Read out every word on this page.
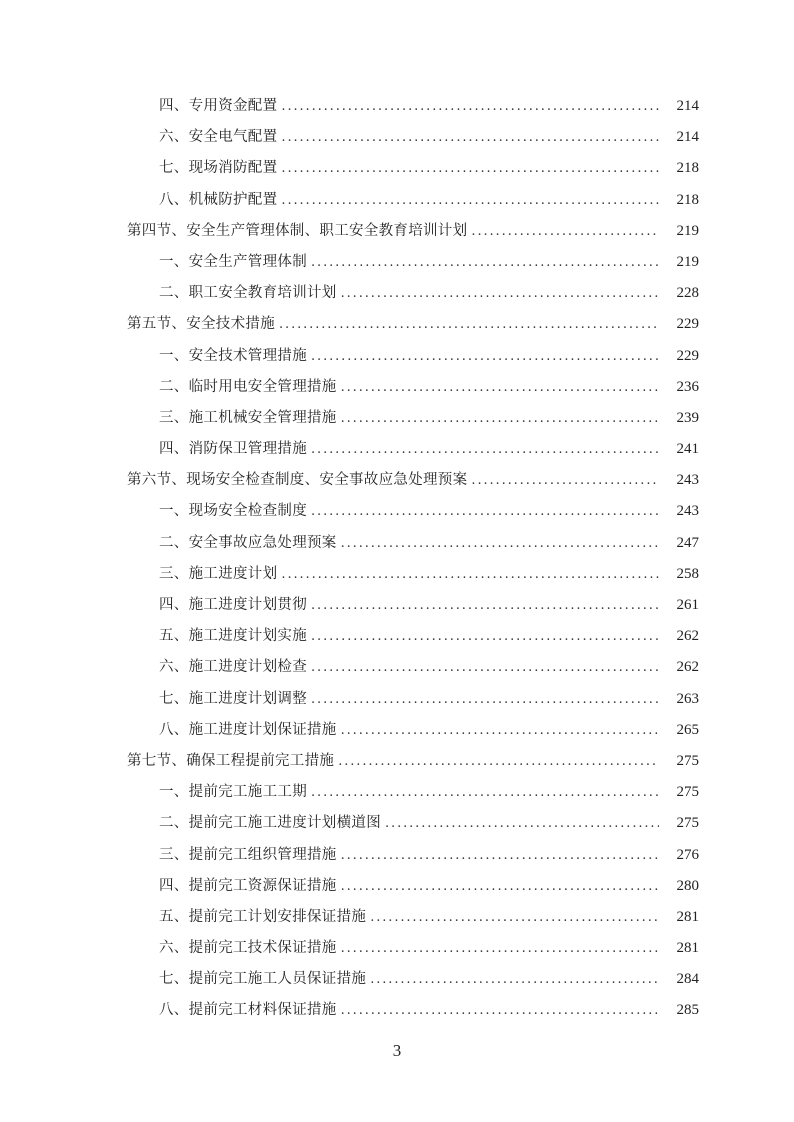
四、专用资金配置 .....	214
六、安全电气配置 .....	214
七、现场消防配置 .....	218
八、机械防护配置 .....	218
第四节、安全生产管理体制、职工安全教育培训计划 .....	219
一、安全生产管理体制 .....	219
二、职工安全教育培训计划 .....	228
第五节、安全技术措施 .....	229
一、安全技术管理措施 .....	229
二、临时用电安全管理措施 .....	236
三、施工机械安全管理措施 .....	239
四、消防保卫管理措施 .....	241
第六节、现场安全检查制度、安全事故应急处理预案 .....	243
一、现场安全检查制度 .....	243
二、安全事故应急处理预案 .....	247
三、施工进度计划 .....	258
四、施工进度计划贯彻 .....	261
五、施工进度计划实施 .....	262
六、施工进度计划检查 .....	262
七、施工进度计划调整 .....	263
八、施工进度计划保证措施 .....	265
第七节、确保工程提前完工措施 .....	275
一、提前完工施工工期 .....	275
二、提前完工施工进度计划横道图 .....	275
三、提前完工组织管理措施 .....	276
四、提前完工资源保证措施 .....	280
五、提前完工计划安排保证措施 .....	281
六、提前完工技术保证措施 .....	281
七、提前完工施工人员保证措施 .....	284
八、提前完工材料保证措施 .....	285
3
